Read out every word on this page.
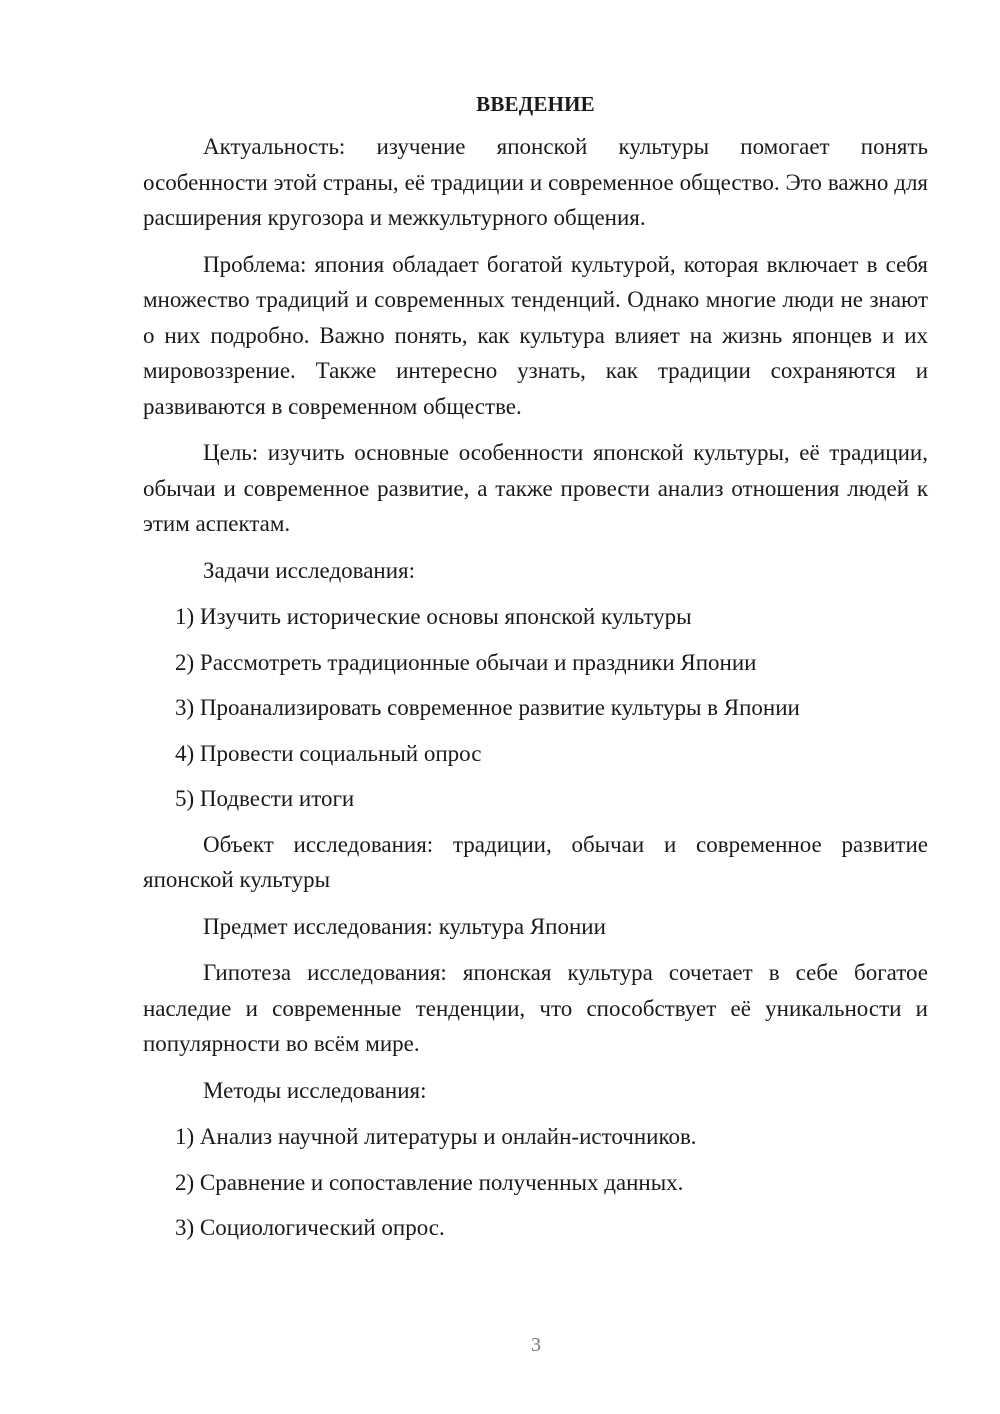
ВВЕДЕНИЕ

Актуальность: изучение японской культуры помогает понять особенности этой страны, её традиции и современное общество. Это важно для расширения кругозора и межкультурного общения.

Проблема: япония обладает богатой культурой, которая включает в себя множество традиций и современных тенденций. Однако многие люди не знают о них подробно. Важно понять, как культура влияет на жизнь японцев и их мировоззрение. Также интересно узнать, как традиции сохраняются и развиваются в современном обществе.

Цель: изучить основные особенности японской культуры, её традиции, обычаи и современное развитие, а также провести анализ отношения людей к этим аспектам.

Задачи исследования:

1) Изучить исторические основы японской культуры

2) Рассмотреть традиционные обычаи и праздники Японии

3) Проанализировать современное развитие культуры в Японии

4) Провести социальный опрос

5) Подвести итоги

Объект исследования: традиции, обычаи и современное развитие японской культуры

Предмет исследования: культура Японии

Гипотеза исследования: японская культура сочетает в себе богатое наследие и современные тенденции, что способствует её уникальности и популярности во всём мире.

Методы исследования:

1) Анализ научной литературы и онлайн-источников.

2) Сравнение и сопоставление полученных данных.

3) Социологический опрос.

3
